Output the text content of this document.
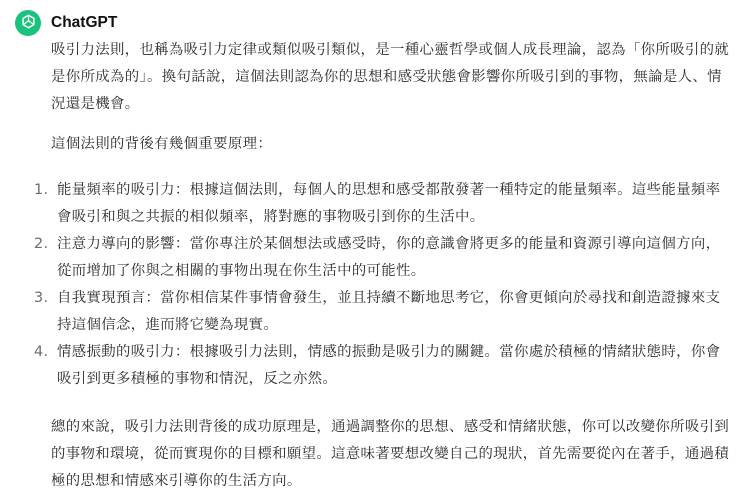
ChatGPT

吸引力法則，也稱為吸引力定律或類似吸引類似，是一種心靈哲學或個人成長理論，認為「你所吸引的就是你所成為的」。換句話說，這個法則認為你的思想和感受狀態會影響你所吸引到的事物，無論是人、情況還是機會。

這個法則的背後有幾個重要原理：

1. 能量頻率的吸引力：根據這個法則，每個人的思想和感受都散發著一種特定的能量頻率。這些能量頻率會吸引和與之共振的相似頻率，將對應的事物吸引到你的生活中。
2. 注意力導向的影響：當你專注於某個想法或感受時，你的意識會將更多的能量和資源引導向這個方向，從而增加了你與之相關的事物出現在你生活中的可能性。
3. 自我實現預言：當你相信某件事情會發生，並且持續不斷地思考它，你會更傾向於尋找和創造證據來支持這個信念，進而將它變為現實。
4. 情感振動的吸引力：根據吸引力法則，情感的振動是吸引力的關鍵。當你處於積極的情緒狀態時，你會吸引到更多積極的事物和情況，反之亦然。

總的來說，吸引力法則背後的成功原理是，通過調整你的思想、感受和情緒狀態，你可以改變你所吸引到的事物和環境，從而實現你的目標和願望。這意味著要想改變自己的現狀，首先需要從內在著手，通過積極的思想和情感來引導你的生活方向。
